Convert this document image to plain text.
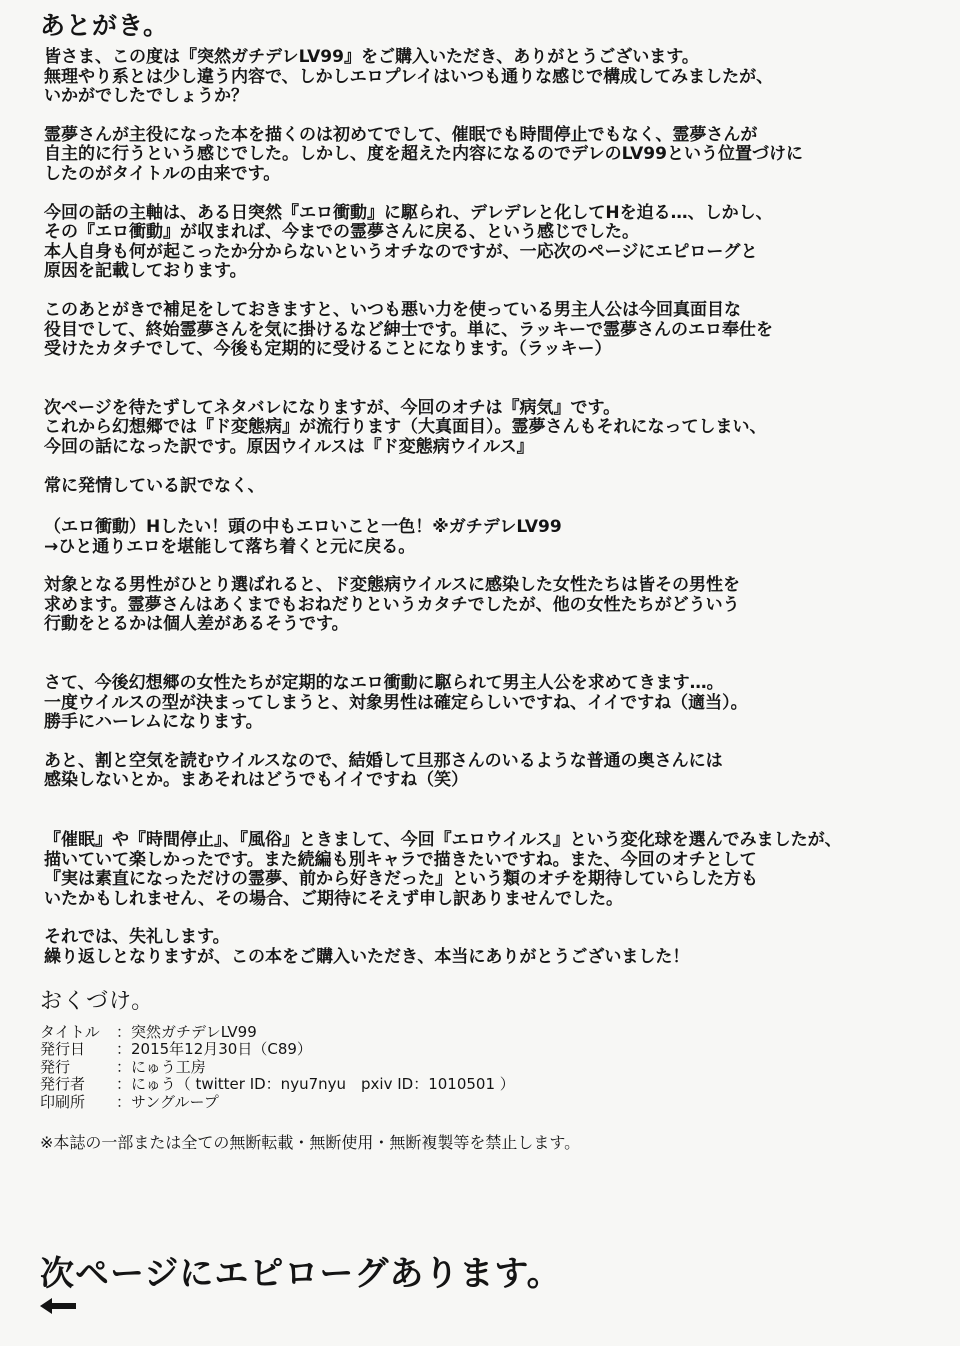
あとがき。
皆さま、この度は『突然ガチデレLV99』をご購入いただき、ありがとうございます。
無理やり系とは少し違う内容で、しかしエロプレイはいつも通りな感じで構成してみましたが、
いかがでしたでしょうか？
霊夢さんが主役になった本を描くのは初めてでして、催眠でも時間停止でもなく、霊夢さんが
自主的に行うという感じでした。しかし、度を超えた内容になるのでデレのLV99という位置づけに
したのがタイトルの由来です。
今回の話の主軸は、ある日突然『エロ衝動』に駆られ、デレデレと化してHを迫る…、しかし、
その『エロ衝動』が収まれば、今までの霊夢さんに戻る、という感じでした。
本人自身も何が起こったか分からないというオチなのですが、一応次のページにエピローグと
原因を記載しております。
このあとがきで補足をしておきますと、いつも悪い力を使っている男主人公は今回真面目な
役目でして、終始霊夢さんを気に掛けるなど紳士です。単に、ラッキーで霊夢さんのエロ奉仕を
受けたカタチでして、今後も定期的に受けることになります。（ラッキー）
次ページを待たずしてネタバレになりますが、今回のオチは『病気』です。
これから幻想郷では『ド変態病』が流行ります（大真面目）。霊夢さんもそれになってしまい、
今回の話になった訳です。原因ウイルスは『ド変態病ウイルス』
常に発情している訳でなく、
（エロ衝動）Hしたい！頭の中もエロいこと一色！※ガチデレLV99
→ひと通りエロを堪能して落ち着くと元に戻る。
対象となる男性がひとり選ばれると、ド変態病ウイルスに感染した女性たちは皆その男性を
求めます。霊夢さんはあくまでもおねだりというカタチでしたが、他の女性たちがどういう
行動をとるかは個人差があるそうです。
さて、今後幻想郷の女性たちが定期的なエロ衝動に駆られて男主人公を求めてきます…。
一度ウイルスの型が決まってしまうと、対象男性は確定らしいですね、イイですね（適当）。
勝手にハーレムになります。
あと、割と空気を読むウイルスなので、結婚して旦那さんのいるような普通の奥さんには
感染しないとか。まあそれはどうでもイイですね（笑）
『催眠』や『時間停止』、『風俗』ときまして、今回『エロウイルス』という変化球を選んでみましたが、
描いていて楽しかったです。また続編も別キャラで描きたいですね。また、今回のオチとして
『実は素直になっただけの霊夢、前から好きだった』という類のオチを期待していらした方も
いたかもしれません、その場合、ご期待にそえず申し訳ありませんでした。
それでは、失礼します。
繰り返しとなりますが、この本をご購入いただき、本当にありがとうございました！
おくづけ。
タイトル ：突然ガチデレLV99
発行日 ：2015年12月30日（C89）
発行	：にゅう工房
発行者 ：にゅう（ twitter ID：nyu7nyu　pxiv ID：1010501 ）
印刷所 ：サングループ
※本誌の一部または全ての無断転載・無断使用・無断複製等を禁止します。
次ページにエピローグあります。
